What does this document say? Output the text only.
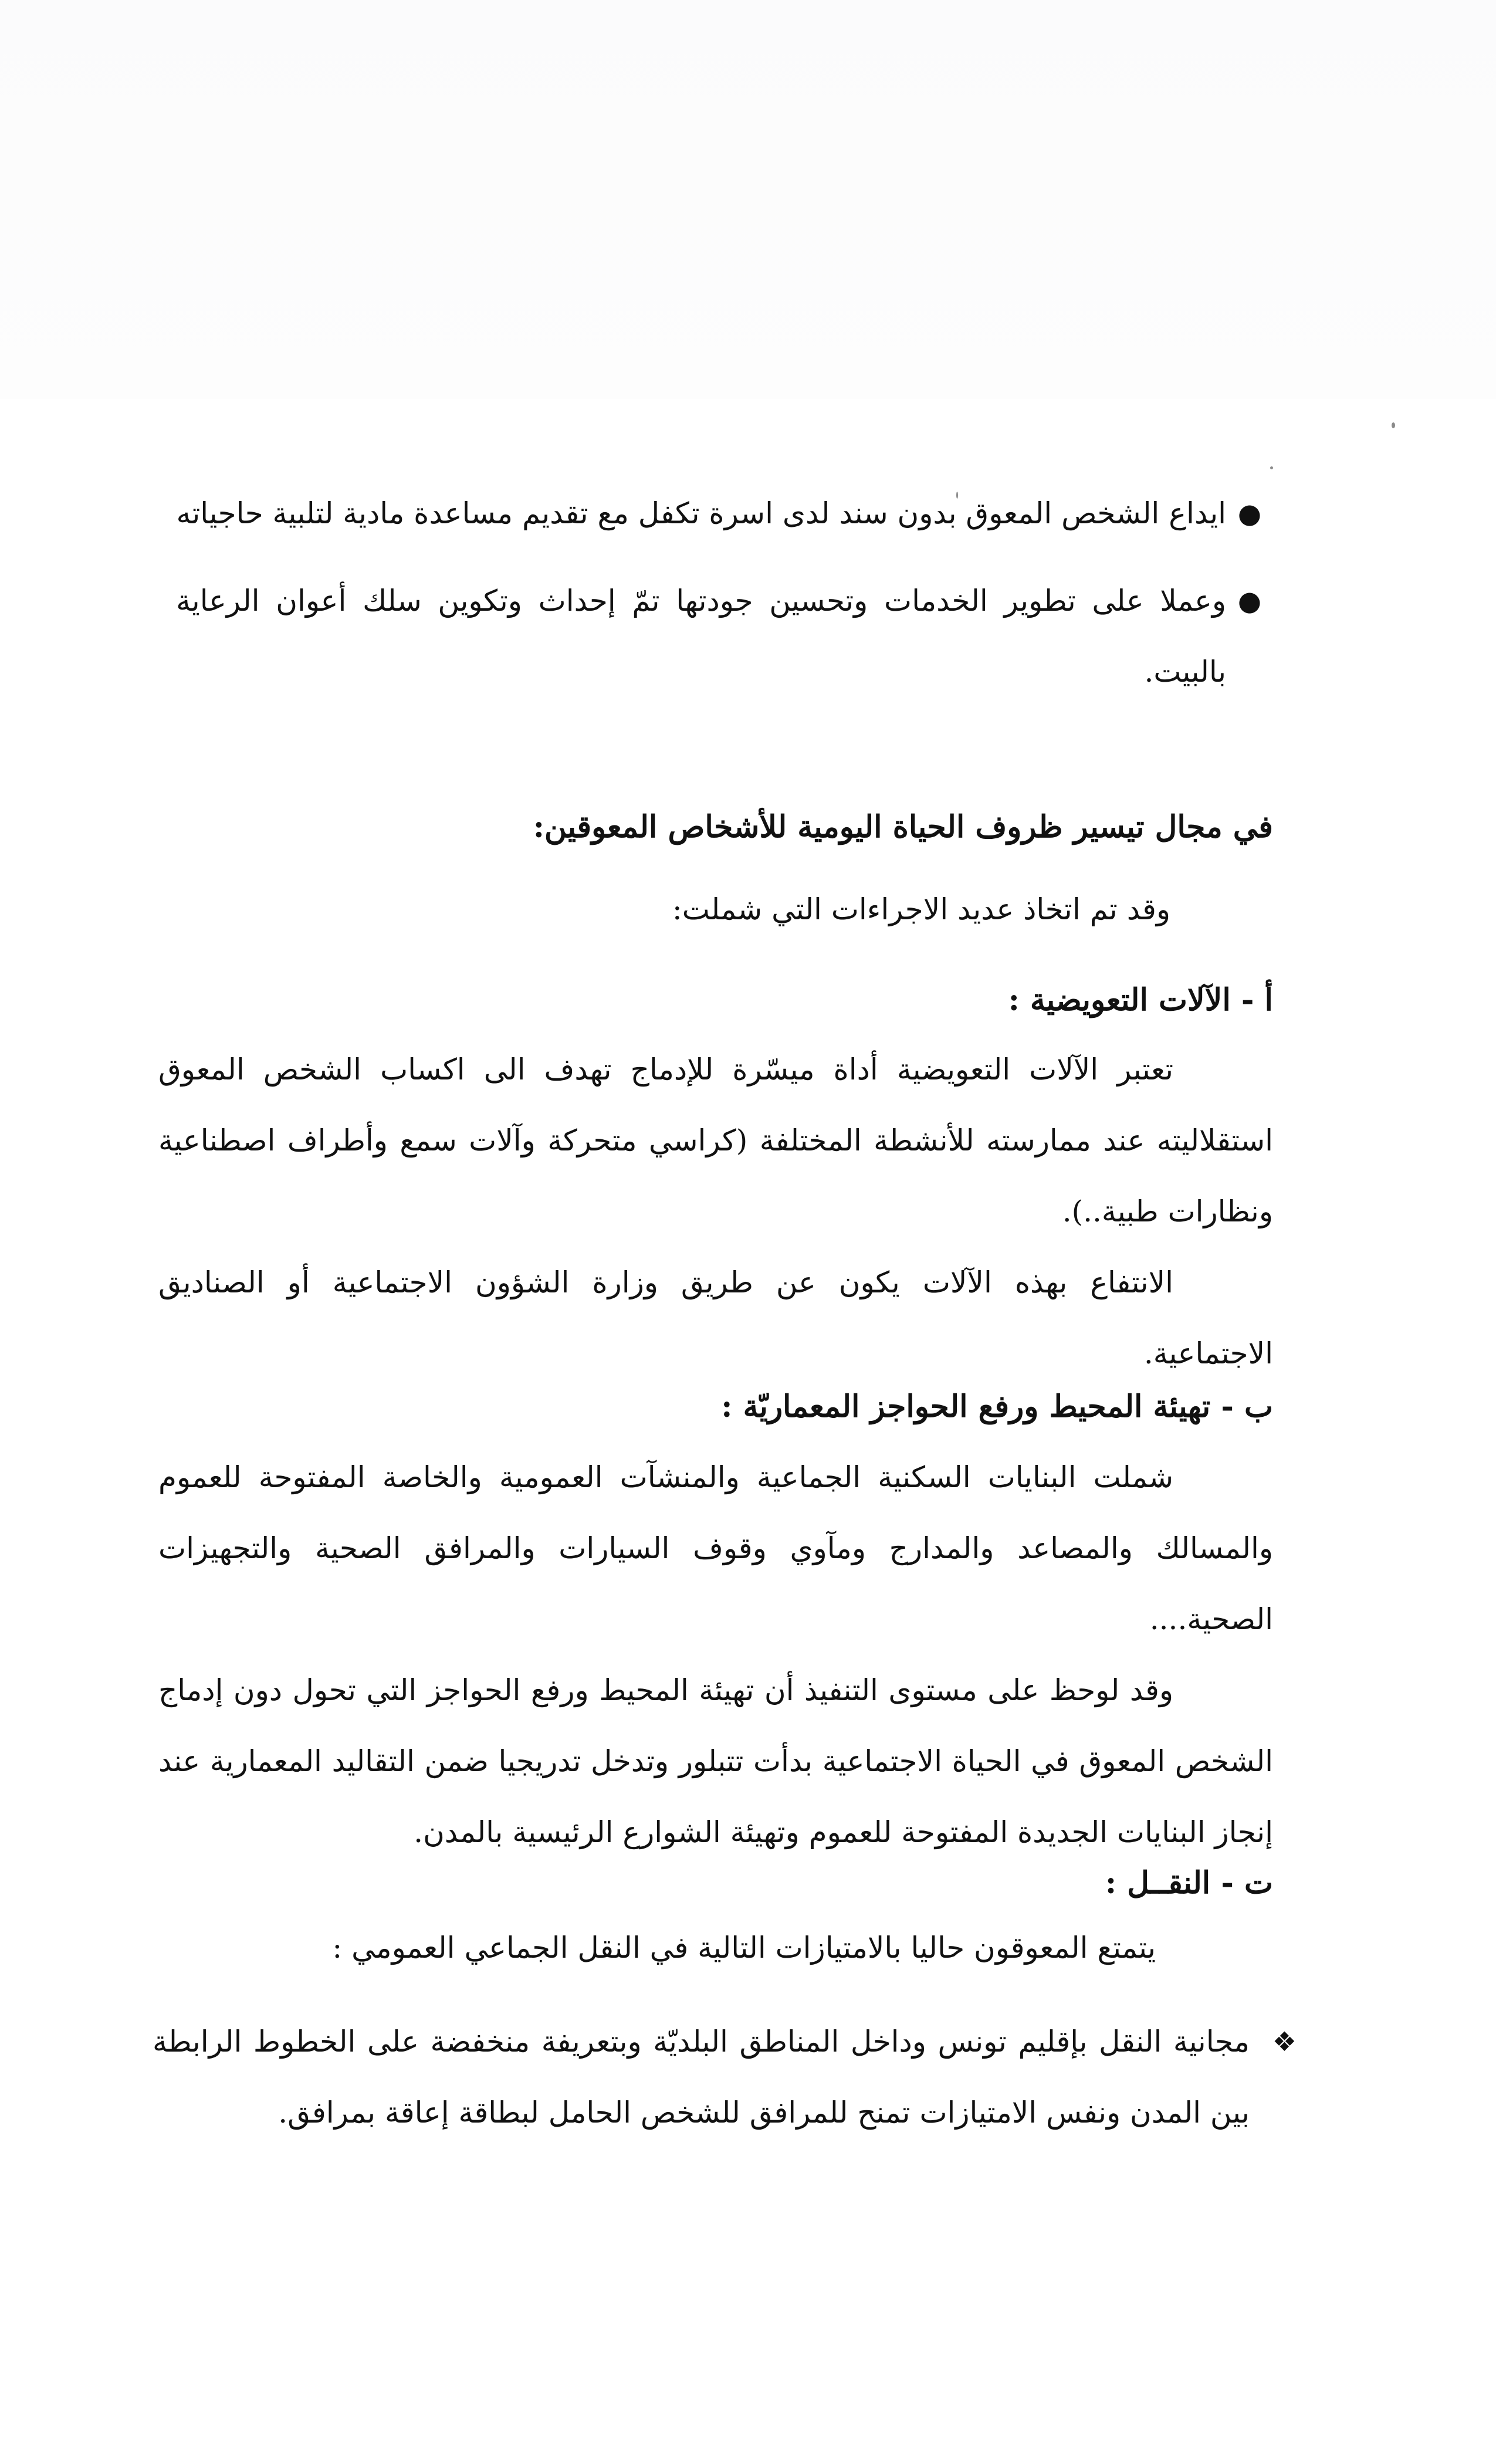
●
ايداع الشخص المعوق بدون سند لدى اسرة تكفل مع تقديم مساعدة مادية لتلبية حاجياته
●
وعملا على تطوير الخدمات وتحسين جودتها تمّ إحداث وتكوين سلك أعوان الرعاية بالبيت.

في مجال تيسير ظروف الحياة اليومية للأشخاص المعوقين:

وقد تم اتخاذ عديد الاجراءات التي شملت:

أ - الآلات التعويضية :

تعتبر الآلات التعويضية أداة ميسّرة للإدماج تهدف الى اكساب الشخص المعوق استقلاليته عند ممارسته للأنشطة المختلفة (كراسي متحركة وآلات سمع وأطراف اصطناعية ونظارات طبية..).

الانتفاع بهذه الآلات يكون عن طريق وزارة الشؤون الاجتماعية أو الصناديق الاجتماعية.

ب - تهيئة المحيط ورفع الحواجز المعماريّة :

شملت البنايات السكنية الجماعية والمنشآت العمومية والخاصة المفتوحة للعموم والمسالك والمصاعد والمدارج ومآوي وقوف السيارات والمرافق الصحية والتجهيزات الصحية....

وقد لوحظ على مستوى التنفيذ أن تهيئة المحيط ورفع الحواجز التي تحول دون إدماج الشخص المعوق في الحياة الاجتماعية بدأت تتبلور وتدخل تدريجيا ضمن التقاليد المعمارية عند إنجاز البنايات الجديدة المفتوحة للعموم وتهيئة الشوارع الرئيسية بالمدن.

ت - النقــل :

يتمتع المعوقون حاليا بالامتيازات التالية في النقل الجماعي العمومي :

❖
مجانية النقل بإقليم تونس وداخل المناطق البلديّة وبتعريفة منخفضة على الخطوط الرابطة بين المدن ونفس الامتيازات تمنح للمرافق للشخص الحامل لبطاقة إعاقة بمرافق.
